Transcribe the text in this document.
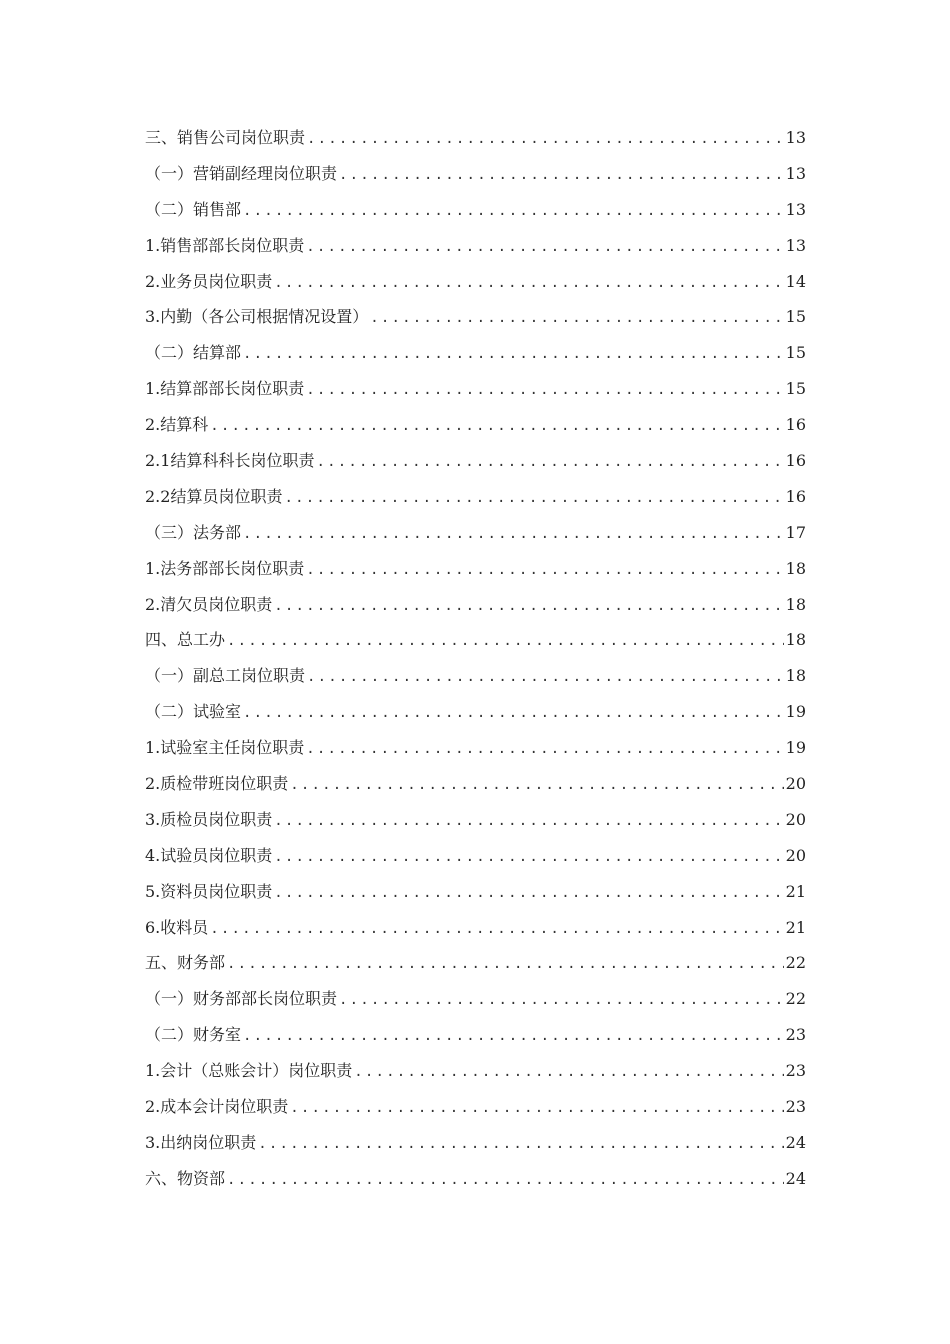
三、销售公司岗位职责 .....	13
（一）营销副经理岗位职责 .....	13
（二）销售部 .....	13
1.销售部部长岗位职责 .....	13
2.业务员岗位职责 .....	14
3.内勤（各公司根据情况设置） .....	15
（二）结算部 .....	15
1.结算部部长岗位职责 .....	15
2.结算科 .....	16
2.1结算科科长岗位职责 .....	16
2.2结算员岗位职责 .....	16
（三）法务部 .....	17
1.法务部部长岗位职责 .....	18
2.清欠员岗位职责 .....	18
四、总工办 .....	18
（一）副总工岗位职责 .....	18
（二）试验室 .....	19
1.试验室主任岗位职责 .....	19
2.质检带班岗位职责 .....	20
3.质检员岗位职责 .....	20
4.试验员岗位职责 .....	20
5.资料员岗位职责 .....	21
6.收料员 .....	21
五、财务部 .....	22
（一）财务部部长岗位职责 .....	22
（二）财务室 .....	23
1.会计（总账会计）岗位职责 .....	23
2.成本会计岗位职责 .....	23
3.出纳岗位职责 .....	24
六、物资部 .....	24
